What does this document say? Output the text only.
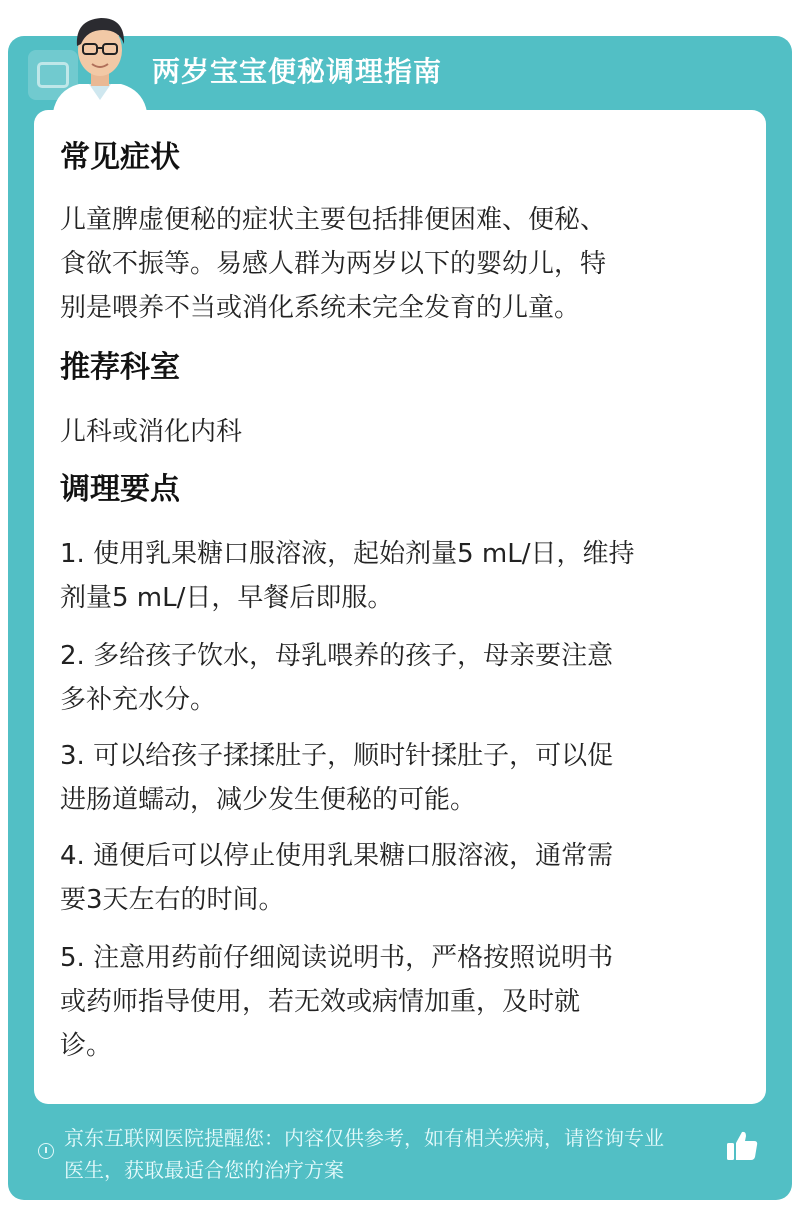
两岁宝宝便秘调理指南
常见症状
儿童脾虚便秘的症状主要包括排便困难、便秘、
食欲不振等。易感人群为两岁以下的婴幼儿，特
别是喂养不当或消化系统未完全发育的儿童。
推荐科室
儿科或消化内科
调理要点
1. 使用乳果糖口服溶液，起始剂量5 mL/日，维持
剂量5 mL/日，早餐后即服。
2. 多给孩子饮水，母乳喂养的孩子，母亲要注意
多补充水分。
3. 可以给孩子揉揉肚子，顺时针揉肚子，可以促
进肠道蠕动，减少发生便秘的可能。
4. 通便后可以停止使用乳果糖口服溶液，通常需
要3天左右的时间。
5. 注意用药前仔细阅读说明书，严格按照说明书
或药师指导使用，若无效或病情加重，及时就
诊。
京东互联网医院提醒您：内容仅供参考，如有相关疾病，请咨询专业
医生，获取最适合您的治疗方案
